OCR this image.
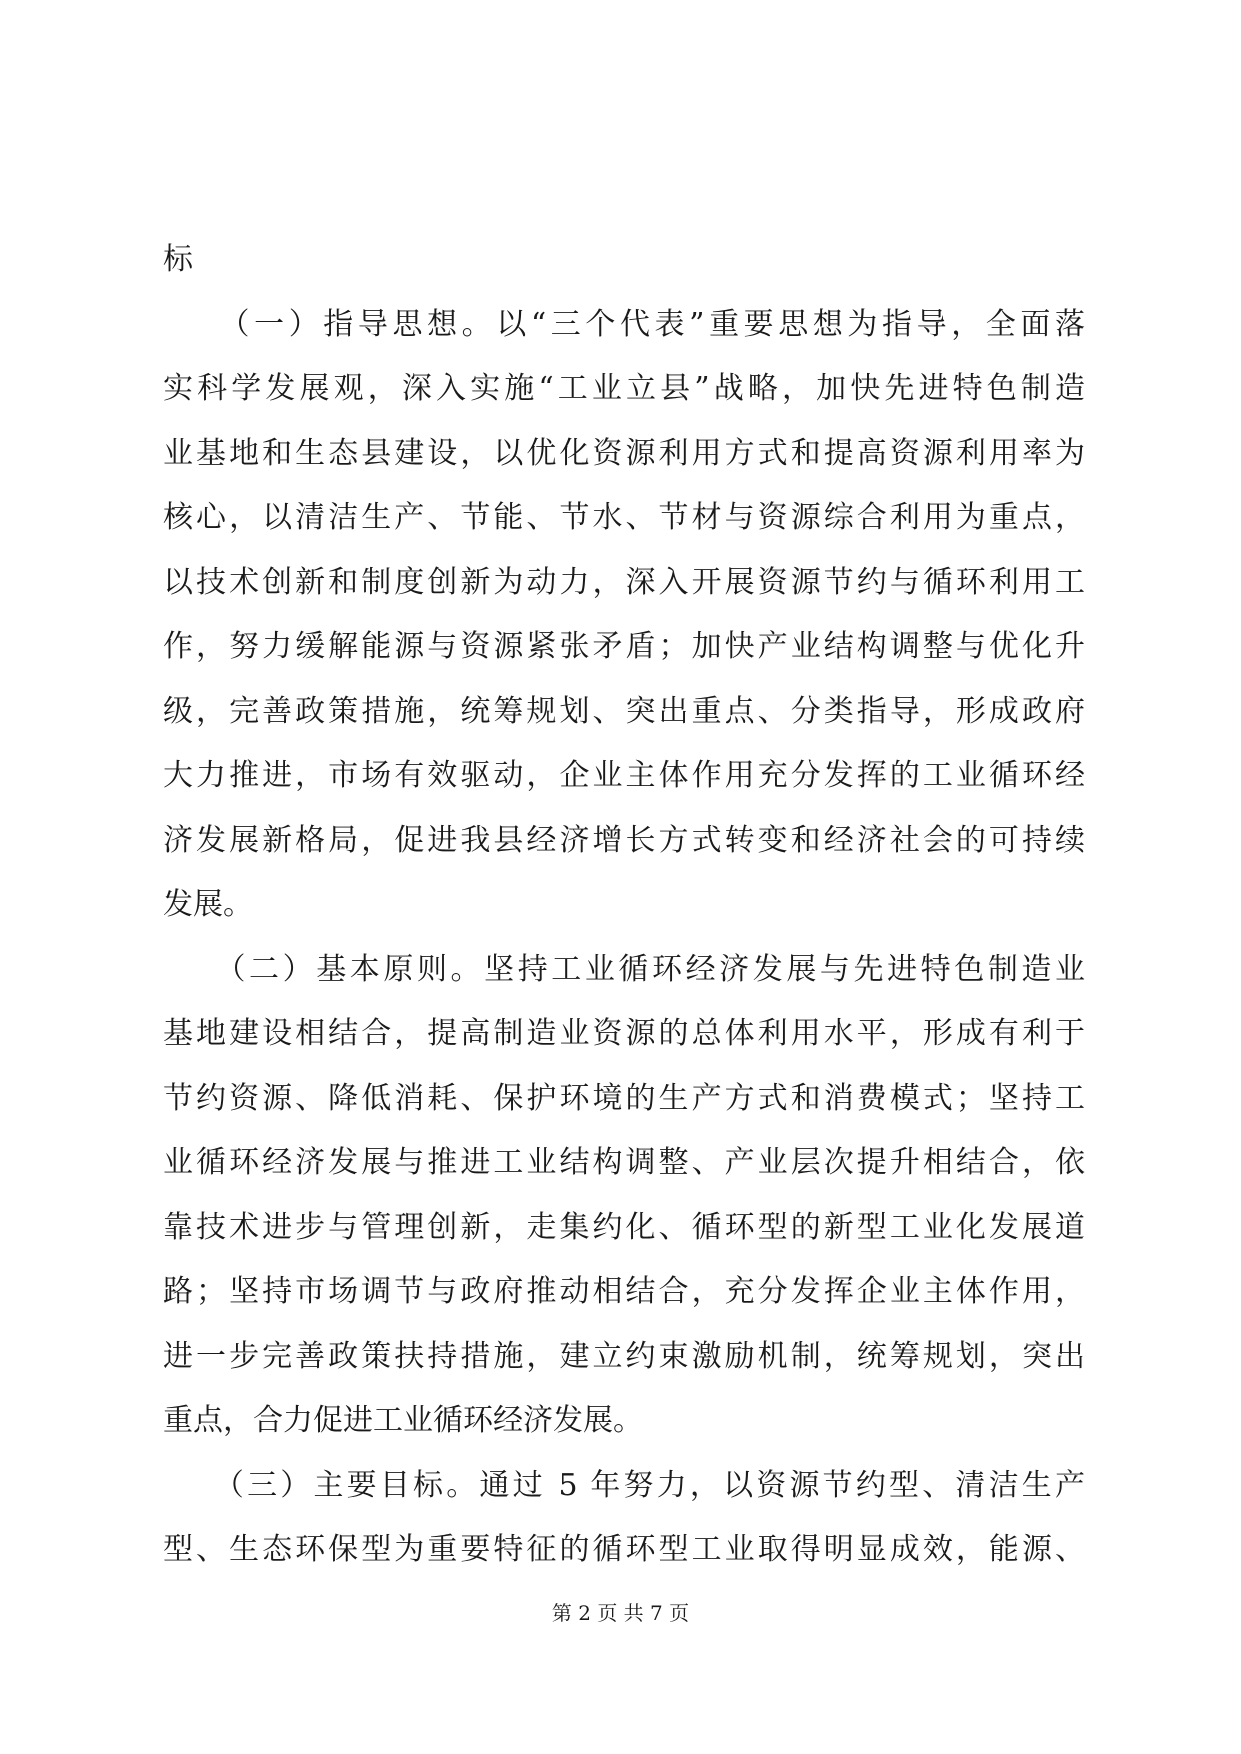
标
（一）指导思想。以“三个代表”重要思想为指导，全面落
实科学发展观，深入实施“工业立县”战略，加快先进特色制造
业基地和生态县建设，以优化资源利用方式和提高资源利用率为
核心，以清洁生产、节能、节水、节材与资源综合利用为重点，
以技术创新和制度创新为动力，深入开展资源节约与循环利用工
作，努力缓解能源与资源紧张矛盾；加快产业结构调整与优化升
级，完善政策措施，统筹规划、突出重点、分类指导，形成政府
大力推进，市场有效驱动，企业主体作用充分发挥的工业循环经
济发展新格局，促进我县经济增长方式转变和经济社会的可持续
发展。
（二）基本原则。坚持工业循环经济发展与先进特色制造业
基地建设相结合，提高制造业资源的总体利用水平，形成有利于
节约资源、降低消耗、保护环境的生产方式和消费模式；坚持工
业循环经济发展与推进工业结构调整、产业层次提升相结合，依
靠技术进步与管理创新，走集约化、循环型的新型工业化发展道
路；坚持市场调节与政府推动相结合，充分发挥企业主体作用，
进一步完善政策扶持措施，建立约束激励机制，统筹规划，突出
重点，合力促进工业循环经济发展。
（三）主要目标。通过 5 年努力，以资源节约型、清洁生产
型、生态环保型为重要特征的循环型工业取得明显成效，能源、
第 2 页 共 7 页
